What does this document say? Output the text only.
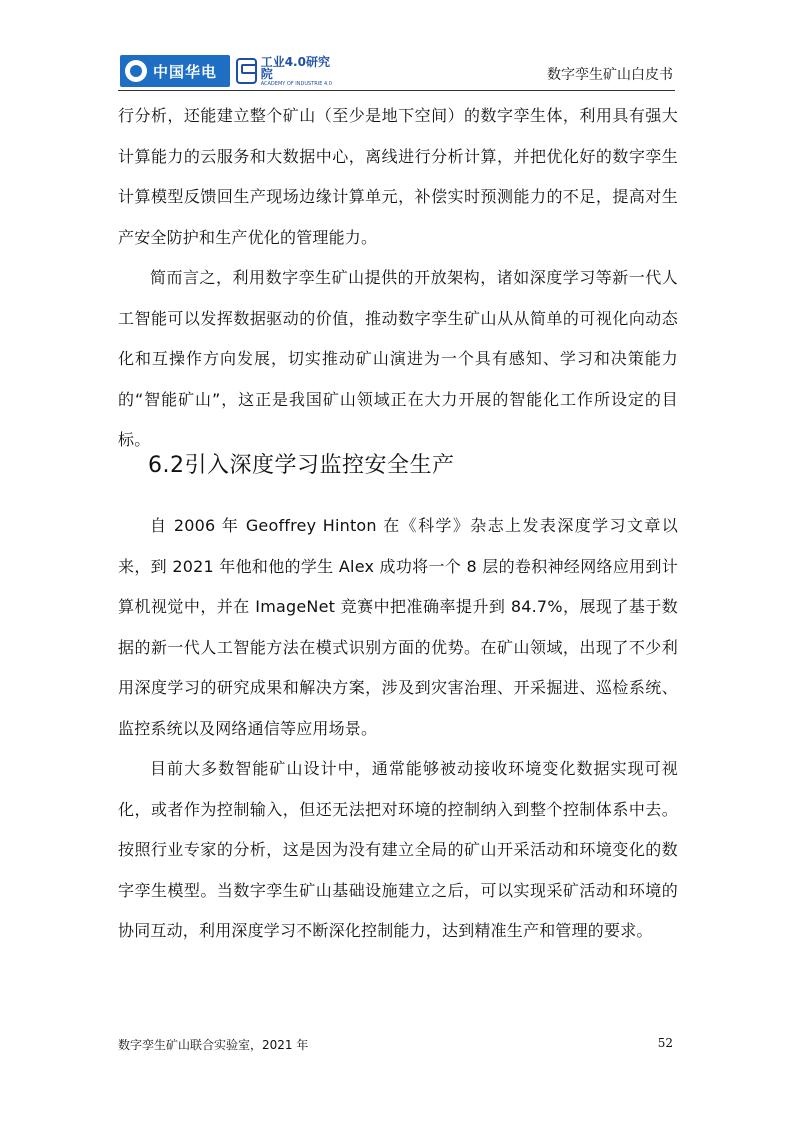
中国华电
工业4.0研究院
ACADEMY OF INDUSTRIE 4.0
数字孪生矿山白皮书

行分析，还能建立整个矿山（至少是地下空间）的数字孪生体，利用具有强大计算能力的云服务和大数据中心，离线进行分析计算，并把优化好的数字孪生计算模型反馈回生产现场边缘计算单元，补偿实时预测能力的不足，提高对生产安全防护和生产优化的管理能力。

简而言之，利用数字孪生矿山提供的开放架构，诸如深度学习等新一代人工智能可以发挥数据驱动的价值，推动数字孪生矿山从从简单的可视化向动态化和互操作方向发展，切实推动矿山演进为一个具有感知、学习和决策能力的“智能矿山”，这正是我国矿山领域正在大力开展的智能化工作所设定的目标。

6.2引入深度学习监控安全生产

自 2006 年 Geoffrey Hinton 在《科学》杂志上发表深度学习文章以来，到 2021 年他和他的学生 Alex 成功将一个 8 层的卷积神经网络应用到计算机视觉中，并在 ImageNet 竞赛中把准确率提升到 84.7%，展现了基于数据的新一代人工智能方法在模式识别方面的优势。在矿山领域，出现了不少利用深度学习的研究成果和解决方案，涉及到灾害治理、开采掘进、巡检系统、监控系统以及网络通信等应用场景。

目前大多数智能矿山设计中，通常能够被动接收环境变化数据实现可视化，或者作为控制输入，但还无法把对环境的控制纳入到整个控制体系中去。按照行业专家的分析，这是因为没有建立全局的矿山开采活动和环境变化的数字孪生模型。当数字孪生矿山基础设施建立之后，可以实现采矿活动和环境的协同互动，利用深度学习不断深化控制能力，达到精准生产和管理的要求。

数字孪生矿山联合实验室，2021 年	52
